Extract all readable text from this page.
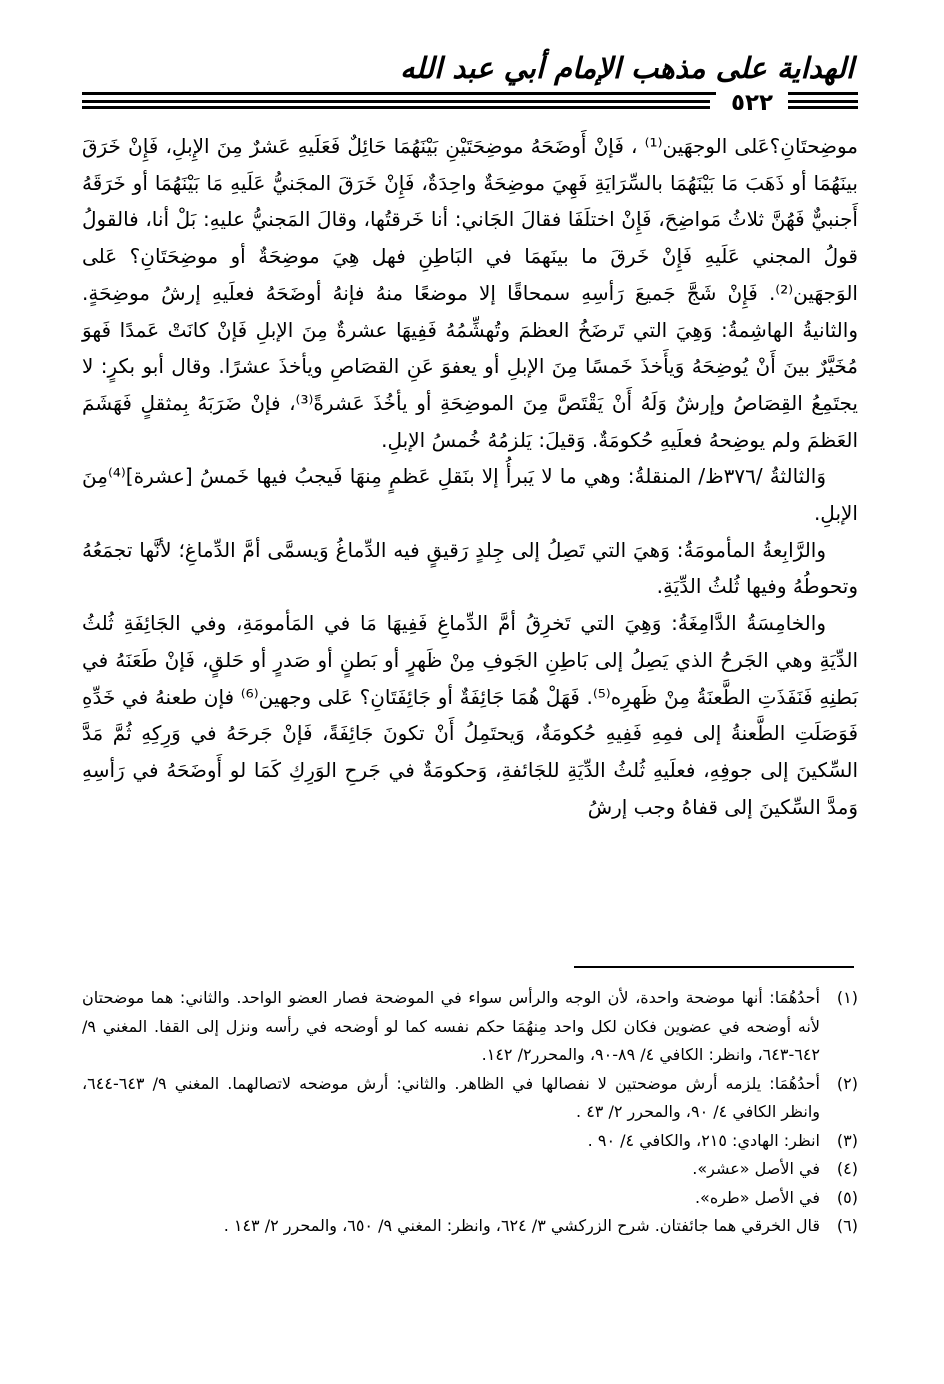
الهداية على مذهب الإمام أبي عبد الله
٥٢٢

موضِحتَانِ؟عَلى الوجهَين⁽¹⁾ ، فَإنْ أَوضَحَهُ موضِحَتَيْنِ بَيْنَهُمَا حَائِلٌ فَعَلَيهِ عَشرٌ مِنَ الإِبلِ، فَإِنْ خَرَقَ بينَهُمَا أو ذَهَبَ مَا بَيْنَهُمَا بالسِّرَايَةِ فَهِيَ موضِحَةٌ واحِدَةٌ، فَإِنْ خَرَقَ المجَنيُّ عَلَيهِ مَا بَيْنَهُمَا أو خَرَقَهُ أَجنبيٌّ فَهُنَّ ثلاثُ مَواضِحَ، فَإِنْ اختلَفَا فقالَ الجَاني: أنا خَرقتُها، وقالَ المَجنيُّ عليهِ: بَلْ أنا، فالقولُ قولُ المجني عَلَيهِ فَإِنْ خَرقَ ما بينَهمَا في البَاطِنِ فهل هِيَ موضِحَةٌ أو موضِحَتَانِ؟ عَلى الوَجهَين⁽²⁾. فَإِنْ شَجَّ جَميعَ رَأسِهِ سمحاقًا إلا موضعًا منهُ فإنهُ أوضَحَهُ فعلَيهِ إرشُ موضِحَةٍ. والثانيةُ الهاشِمةُ: وَهِيَ التي تَرضَخُ العظمَ وتُهشِّمُهُ فَفِيهَا عشرةٌ مِنَ الإبلِ فَإنْ كانَتْ عَمدًا فَهوَ مُخَيَّرٌ بينَ أَنْ يُوضِحَهُ وَيأَخذَ خَمسًا مِنَ الإبلِ أو يعفوَ عَنِ القصَاصِ ويأخذَ عشرًا. وقال أبو بكرٍ: لا يجتَمِعُ القِصَاصُ وإرشٌ وَلَهُ أَنْ يَقْتَصَّ مِنَ الموضِحَةِ أو يأخُذَ عَشرةً⁽³⁾، فإنْ ضَرَبَهُ بِمثقلٍ فَهَشَمَ العَظمَ ولم يوضِحهُ فعلَيهِ حُكومَةٌ. وَقيلَ: يَلزمُهُ خُمسُ الإبلِ.

وَالثالثةُ /٣٧٦ظ/ المنقلةُ: وهي ما لا يَبرأُ إلا بنَقلِ عَظمٍ مِنهَا فَيجبُ فيها خَمسُ [عشرة]⁽⁴⁾مِنَ الإبلِ.

والرَّابِعةُ المأمومَةُ: وَهيَ التي تَصِلُ إلى جِلدٍ رَقيقٍ فيه الدِّماغُ وَيسمَّى أمَّ الدِّماغِ؛ لأنَّها تجمَعُهُ وتحوطُهُ وفيها ثُلثُ الدِّيَةِ.

والخامِسَةُ الدَّامِغَةُ: وَهِيَ التي تَخرِقُ أمَّ الدِّماغِ فَفِيهَا مَا في المَأمومَةِ، وفي الجَائِفَةِ ثُلثُ الدِّيَةِ وهي الجَرحُ الذي يَصِلُ إلى بَاطِنِ الجَوفِ مِنْ ظَهرٍ أو بَطنٍ أو صَدرٍ أو حَلقٍ، فَإنْ طَعَنَهُ في بَطنِهِ فَنَفَذَتِ الطَّعنَةُ مِنْ ظَهرِه⁽⁵⁾. فَهَلْ هُمَا جَائِفَةٌ أو جَائِفَتَانِ؟ عَلى وجهين⁽⁶⁾ فإن طعنهُ في خَدِّهِ فَوَصَلَتِ الطَّعنةُ إلى فمِهِ فَفِيهِ حُكومَةٌ، وَيحتَمِلُ أَنْ تكونَ جَائِفَةً، فَإنْ جَرحَهُ في وَرِكِهِ ثُمَّ مَدَّ السِّكينَ إلى جوفِهِ، فعلَيهِ ثُلثُ الدِّيَةِ للجَائفةِ، وَحكومَةٌ في جَرحِ الوَرِكِ كَمَا لو أَوضَحَهُ في رَأسِهِ وَمدَّ السِّكينَ إلى قفاهُ وجب إرشُ

(١)
أحدُهُمَا: أنها موضحة واحدة، لأن الوجه والرأس سواء في الموضحة فصار العضو الواحد. والثاني: هما موضحتان لأنه أوضحه في عضوين فكان لكل واحد مِنهُمَا حكم نفسه كما لو أوضحه في رأسه ونزل إلى القفا. المغني ٩/ ٦٤٢-٦٤٣، وانظر: الكافي ٤/ ٨٩-٩٠، والمحرر٢/ ١٤٢.
(٢)
أحدُهُمَا: يلزمه أرش موضحتين لا نفصالها في الظاهر. والثاني: أرش موضحه لاتصالهما. المغني ٩/ ٦٤٣-٦٤٤، وانظر الكافي ٤/ ٩٠، والمحرر ٢/ ٤٣ .
(٣)
انظر: الهادي: ٢١٥، والكافي ٤/ ٩٠ .
(٤)
في الأصل «عشر».
(٥)
في الأصل «طره».
(٦)
قال الخرقي هما جائفتان. شرح الزركشي ٣/ ٦٢٤، وانظر: المغني ٩/ ٦٥٠، والمحرر ٢/ ١٤٣ .
